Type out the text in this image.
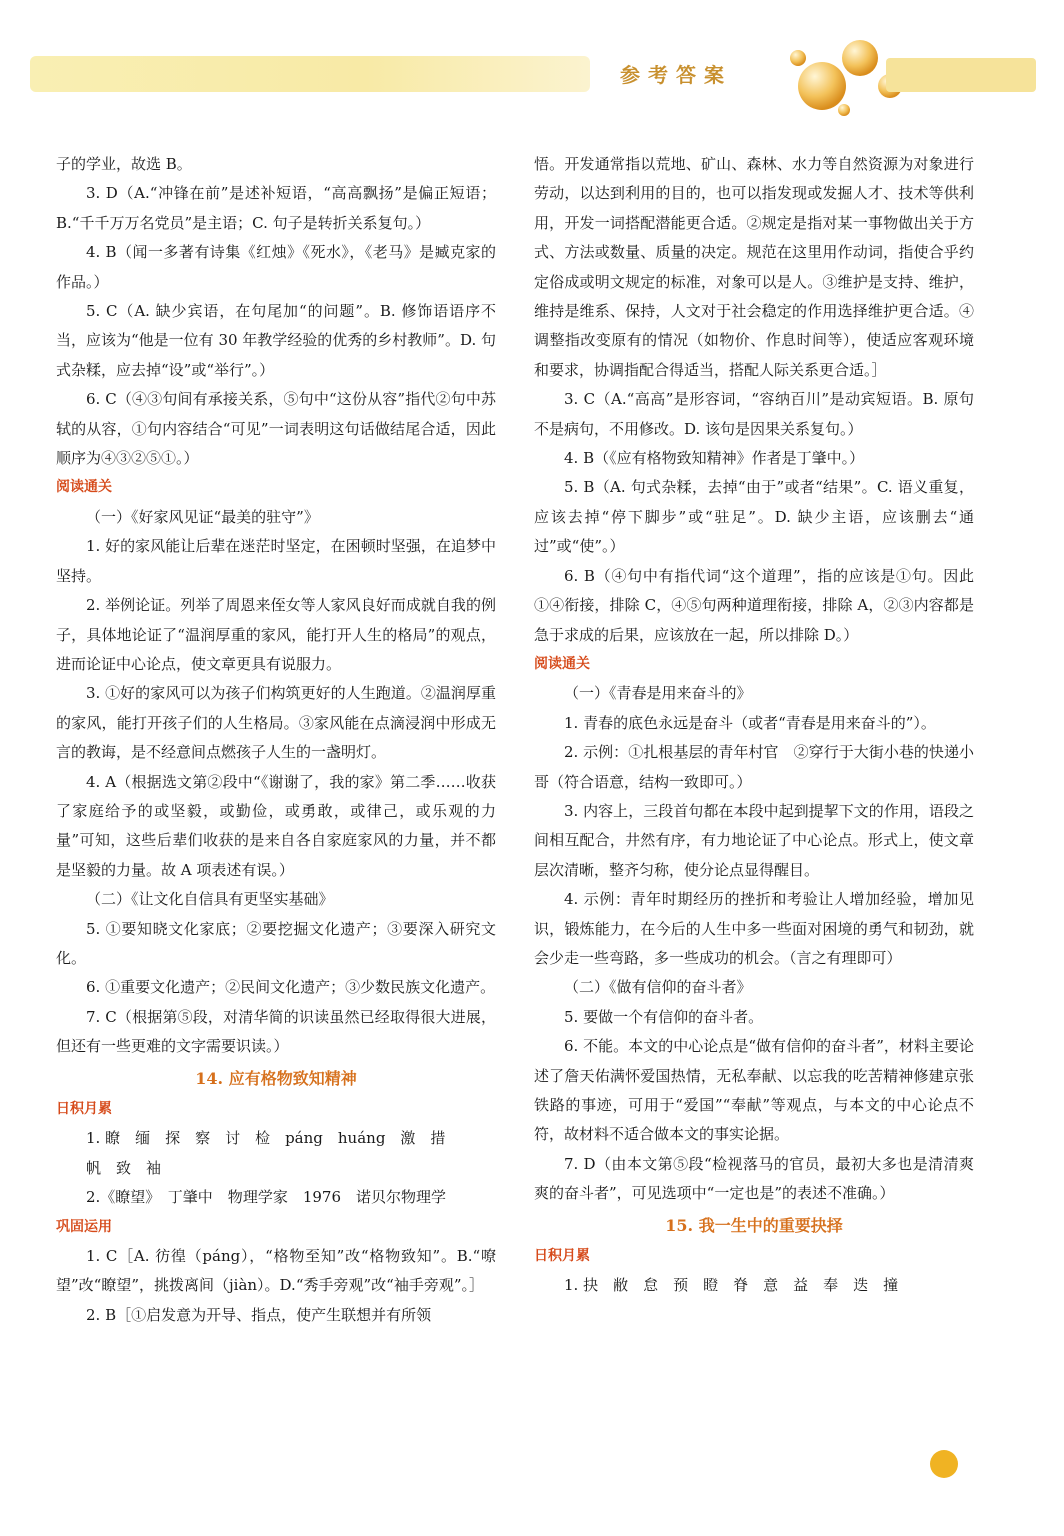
参考答案

子的学业，故选 B。

3. D（A.“冲锋在前”是述补短语，“高高飘扬”是偏正短语；B.“千千万万名党员”是主语；C. 句子是转折关系复句。）

4. B（闻一多著有诗集《红烛》《死水》，《老马》是臧克家的作品。）

5. C（A. 缺少宾语，在句尾加“的问题”。B. 修饰语语序不当，应该为“他是一位有 30 年教学经验的优秀的乡村教师”。D. 句式杂糅，应去掉“设”或“举行”。）

6. C（④③句间有承接关系，⑤句中“这份从容”指代②句中苏轼的从容，①句内容结合“可见”一词表明这句话做结尾合适，因此顺序为④③②⑤①。）

阅读通关

（一）《好家风见证“最美的驻守”》

1. 好的家风能让后辈在迷茫时坚定，在困顿时坚强，在追梦中坚持。

2. 举例论证。列举了周恩来侄女等人家风良好而成就自我的例子，具体地论证了“温润厚重的家风，能打开人生的格局”的观点，进而论证中心论点，使文章更具有说服力。

3. ①好的家风可以为孩子们构筑更好的人生跑道。②温润厚重的家风，能打开孩子们的人生格局。③家风能在点滴浸润中形成无言的教诲，是不经意间点燃孩子人生的一盏明灯。

4. A（根据选文第②段中“《谢谢了，我的家》第二季……收获了家庭给予的或坚毅，或勤俭，或勇敢，或律己，或乐观的力量”可知，这些后辈们收获的是来自各自家庭家风的力量，并不都是坚毅的力量。故 A 项表述有误。）

（二）《让文化自信具有更坚实基础》

5. ①要知晓文化家底；②要挖掘文化遗产；③要深入研究文化。

6. ①重要文化遗产；②民间文化遗产；③少数民族文化遗产。

7. C（根据第⑤段，对清华简的识读虽然已经取得很大进展，但还有一些更难的文字需要识读。）

14. 应有格物致知精神

日积月累

1. 瞭　缅　探　察　讨　检　páng　huáng　激　措

帆　致　袖

2.《瞭望》　丁肇中　物理学家　1976　诺贝尔物理学

巩固运用

1. C［A. 彷徨（páng），“格物至知”改“格物致知”。B.“嘹望”改“瞭望”，挑拨离间（jiàn）。D.“秀手旁观”改“袖手旁观”。］

2. B［①启发意为开导、指点，使产生联想并有所领

悟。开发通常指以荒地、矿山、森林、水力等自然资源为对象进行劳动，以达到利用的目的，也可以指发现或发掘人才、技术等供利用，开发一词搭配潜能更合适。②规定是指对某一事物做出关于方式、方法或数量、质量的决定。规范在这里用作动词，指使合乎约定俗成或明文规定的标准，对象可以是人。③维护是支持、维护，维持是维系、保持，人文对于社会稳定的作用选择维护更合适。④调整指改变原有的情况（如物价、作息时间等），使适应客观环境和要求，协调指配合得适当，搭配人际关系更合适。］

3. C（A.“高高”是形容词，“容纳百川”是动宾短语。B. 原句不是病句，不用修改。D. 该句是因果关系复句。）

4. B（《应有格物致知精神》作者是丁肇中。）

5. B（A. 句式杂糅，去掉“由于”或者“结果”。C. 语义重复，应该去掉“停下脚步”或“驻足”。D. 缺少主语，应该删去“通过”或“使”。）

6. B（④句中有指代词“这个道理”，指的应该是①句。因此①④衔接，排除 C，④⑤句两种道理衔接，排除 A，②③内容都是急于求成的后果，应该放在一起，所以排除 D。）

阅读通关

（一）《青春是用来奋斗的》

1. 青春的底色永远是奋斗（或者“青春是用来奋斗的”）。

2. 示例：①扎根基层的青年村官　②穿行于大街小巷的快递小哥（符合语意，结构一致即可。）

3. 内容上，三段首句都在本段中起到提挈下文的作用，语段之间相互配合，井然有序，有力地论证了中心论点。形式上，使文章层次清晰，整齐匀称，使分论点显得醒目。

4. 示例：青年时期经历的挫折和考验让人增加经验，增加见识，锻炼能力，在今后的人生中多一些面对困境的勇气和韧劲，就会少走一些弯路，多一些成功的机会。（言之有理即可）

（二）《做有信仰的奋斗者》

5. 要做一个有信仰的奋斗者。

6. 不能。本文的中心论点是“做有信仰的奋斗者”，材料主要论述了詹天佑满怀爱国热情，无私奉献、以忘我的吃苦精神修建京张铁路的事迹，可用于“爱国”“奉献”等观点，与本文的中心论点不符，故材料不适合做本文的事实论据。

7. D（由本文第⑤段“检视落马的官员，最初大多也是清清爽爽的奋斗者”，可见选项中“一定也是”的表述不准确。）

15. 我一生中的重要抉择

日积月累

1. 抉　敝　怠　预　瞪　脊　意　益　奉　迭　撞
